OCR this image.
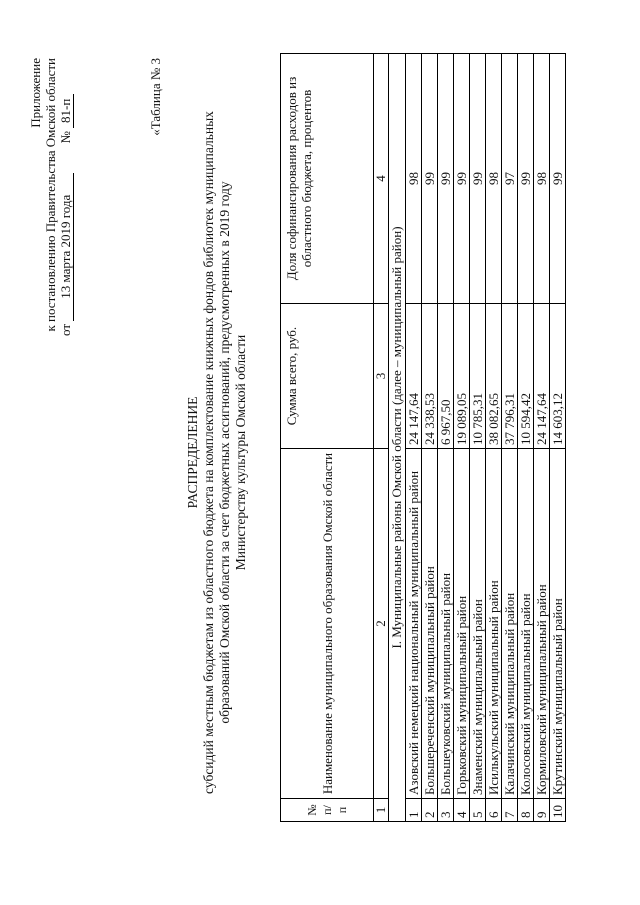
Приложение к постановлению Правительства Омской области от 13 марта 2019 года № 81-п	«Таблица № 3
РАСПРЕДЕЛЕНИЕ субсидий местным бюджетам из областного бюджета на комплектование книжных фондов библиотек муниципальных образований Омской области за счет бюджетных ассигнований, предусмотренных в 2019 году Министерству культуры Омской области
№ п/п	Наименование муниципального образования Омской области	Сумма всего, руб.	Доля софинансирования расходов из областного бюджета, процентов
1	2	3	4
I. Муниципальные районы Омской области (далее – муниципальный район)			
1	Азовский немецкий национальный муниципальный район	24 147,64	98
2	Большереченский муниципальный район	24 338,53	99
3	Большеуковский муниципальный район	6 967,50	99
4	Горьковский муниципальный район	19 089,05	99
5	Знаменский муниципальный район	10 785,31	99
6	Исилькульский муниципальный район	38 082,65	98
7	Калачинский муниципальный район	37 796,31	97
8	Колосовский муниципальный район	10 594,42	99
9	Кормиловский муниципальный район	24 147,64	98
10	Крутинский муниципальный район	14 603,12	99
